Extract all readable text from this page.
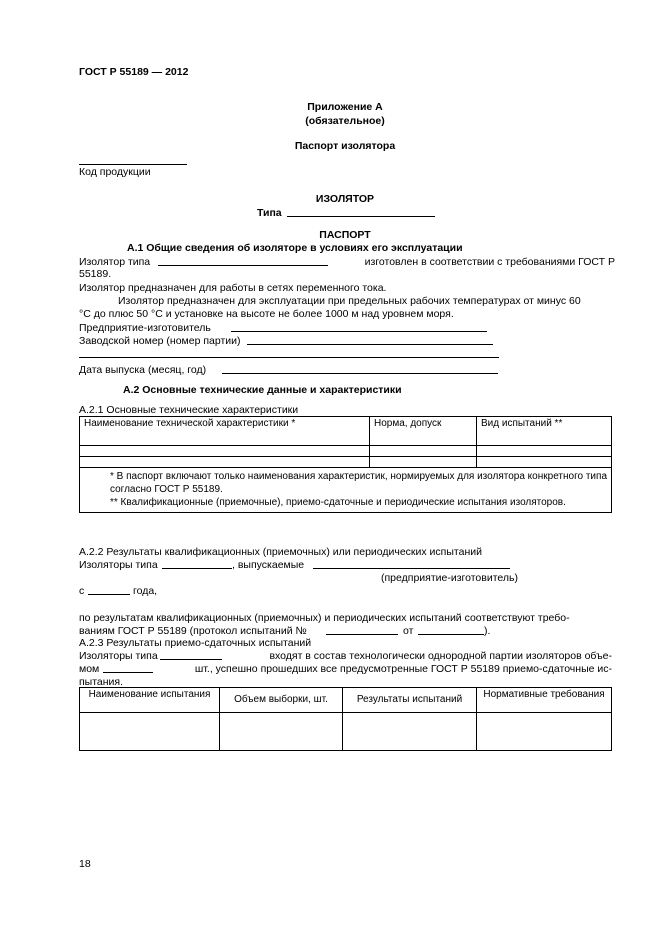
ГОСТ Р 55189 — 2012
Приложение А
(обязательное)
Паспорт изолятора
Код продукции
ИЗОЛЯТОР
Типа
ПАСПОРТ
А.1 Общие сведения об изоляторе в условиях его эксплуатации
Изолятор типа	изготовлен в соответствии с требованиями ГОСТ Р
55189.
Изолятор предназначен для работы в сетях переменного тока.
Изолятор предназначен для эксплуатации при предельных рабочих температурах от минус 60
°С до плюс 50 °С и установке на высоте не более 1000 м над уровнем моря.
Предприятие-изготовитель
Заводской номер (номер партии)
Дата выпуска (месяц, год)
А.2 Основные технические данные и характеристики
А.2.1 Основные технические характеристики
Наименование технической характеристики *	Норма, допуск	Вид испытаний **

* В паспорт включают только наименования характеристик, нормируемых для изолятора конкретного типа согласно ГОСТ Р 55189.
** Квалификационные (приемочные), приемо-сдаточные и периодические испытания изоляторов.		
А.2.2 Результаты квалификационных (приемочных) или периодических испытаний
Изоляторы типа	, выпускаемые
(предприятие-изготовитель)
с	года,
по результатам квалификационных (приемочных) и периодических испытаний соответствуют требо-
ваниям ГОСТ Р 55189 (протокол испытаний №	от	).
А.2.3 Результаты приемо-сдаточных испытаний
Изоляторы типа	входят в состав технологически однородной партии изоляторов объе-
мом	шт., успешно прошедших все предусмотренные ГОСТ Р 55189 приемо-сдаточные ис-
пытания.
Наименование испытания	Объем выборки, шт.	Результаты испытаний	Нормативные требования

18
